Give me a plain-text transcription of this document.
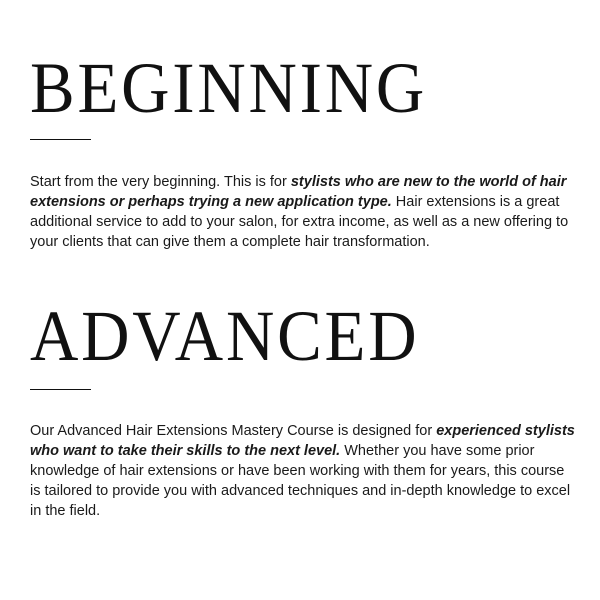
BEGINNING

Start from the very beginning. This is for stylists who are new to the world of hair extensions or perhaps trying a new application type. Hair extensions is a great additional service to add to your salon, for extra income, as well as a new offering to your clients that can give them a complete hair transformation.

ADVANCED

Our Advanced Hair Extensions Mastery Course is designed for experienced stylists who want to take their skills to the next level. Whether you have some prior knowledge of hair extensions or have been working with them for years, this course is tailored to provide you with advanced techniques and in-depth knowledge to excel in the field.
